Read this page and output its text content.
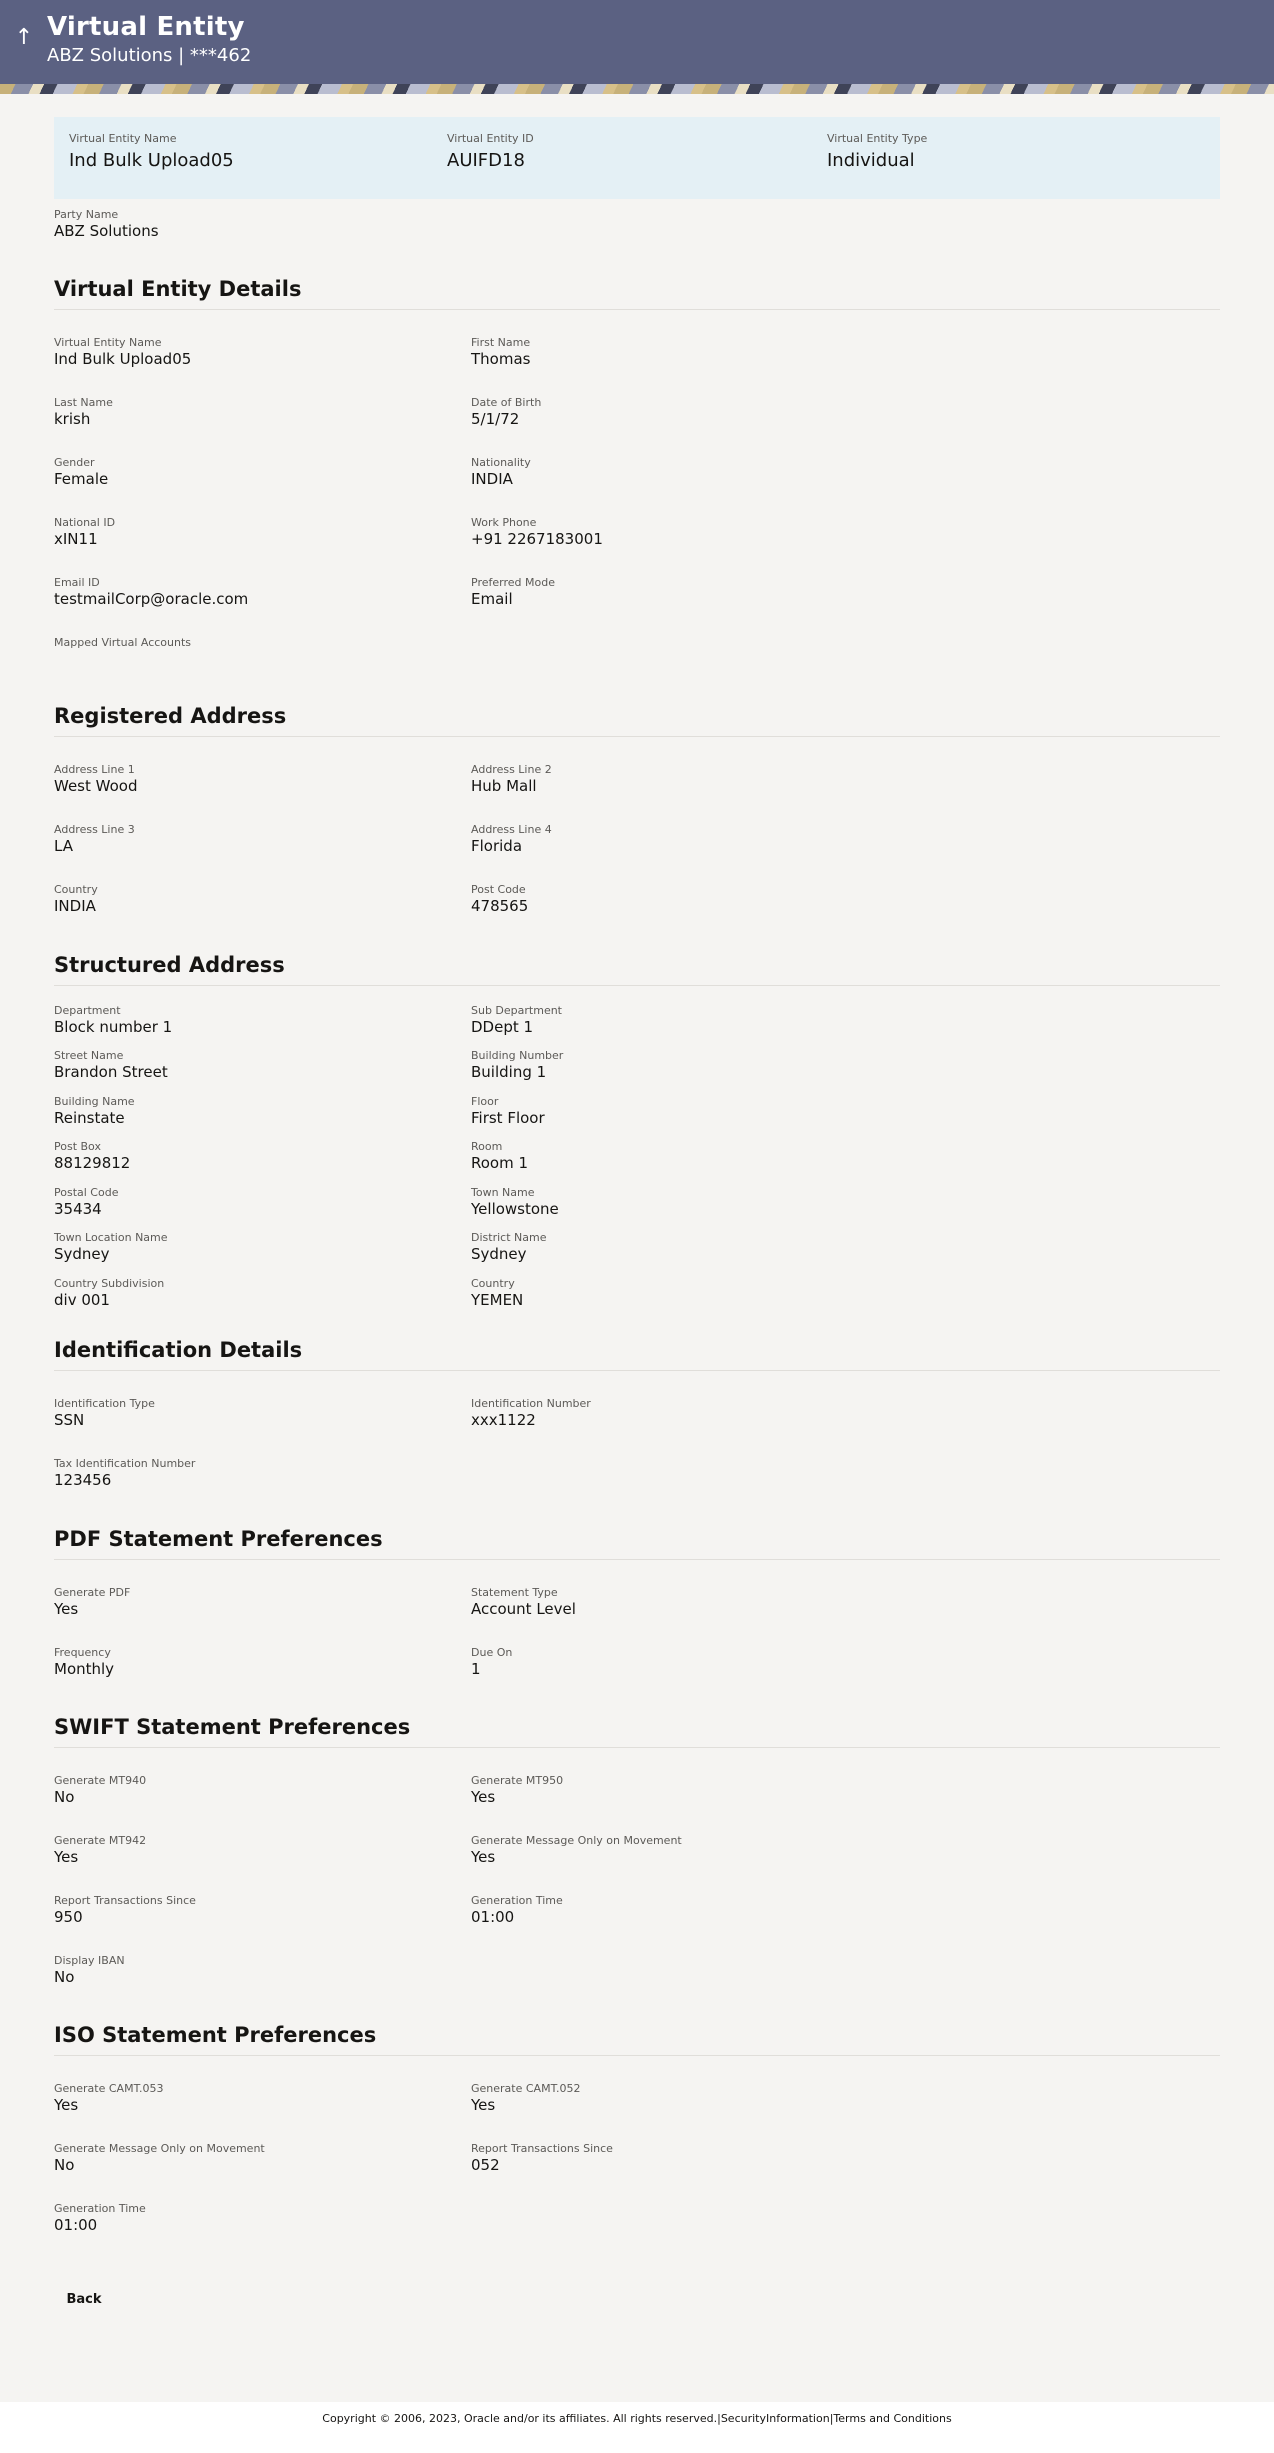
↑ Virtual Entity
ABZ Solutions | ***462
Virtual Entity Name
Ind Bulk Upload05
Virtual Entity ID
AUIFD18
Virtual Entity Type
Individual
Party Name
ABZ Solutions
Virtual Entity Details
Virtual Entity Name
Ind Bulk Upload05
First Name
Thomas
Last Name
krish
Date of Birth
5/1/72
Gender
Female
Nationality
INDIA
National ID
xIN11
Work Phone
+91 2267183001
Email ID
testmailCorp@oracle.com
Preferred Mode
Email
Mapped Virtual Accounts
Registered Address
Address Line 1
West Wood
Address Line 2
Hub Mall
Address Line 3
LA
Address Line 4
Florida
Country
INDIA
Post Code
478565
Structured Address
Department
Block number 1
Sub Department
DDept 1
Street Name
Brandon Street
Building Number
Building 1
Building Name
Reinstate
Floor
First Floor
Post Box
88129812
Room
Room 1
Postal Code
35434
Town Name
Yellowstone
Town Location Name
Sydney
District Name
Sydney
Country Subdivision
div 001
Country
YEMEN
Identification Details
Identification Type
SSN
Identification Number
xxx1122
Tax Identification Number
123456
PDF Statement Preferences
Generate PDF
Yes
Statement Type
Account Level
Frequency
Monthly
Due On
1
SWIFT Statement Preferences
Generate MT940
No
Generate MT950
Yes
Generate MT942
Yes
Generate Message Only on Movement
Yes
Report Transactions Since
950
Generation Time
01:00
Display IBAN
No
ISO Statement Preferences
Generate CAMT.053
Yes
Generate CAMT.052
Yes
Generate Message Only on Movement
No
Report Transactions Since
052
Generation Time
01:00
Back
Copyright © 2006, 2023, Oracle and/or its affiliates. All rights reserved.|SecurityInformation|Terms and Conditions
